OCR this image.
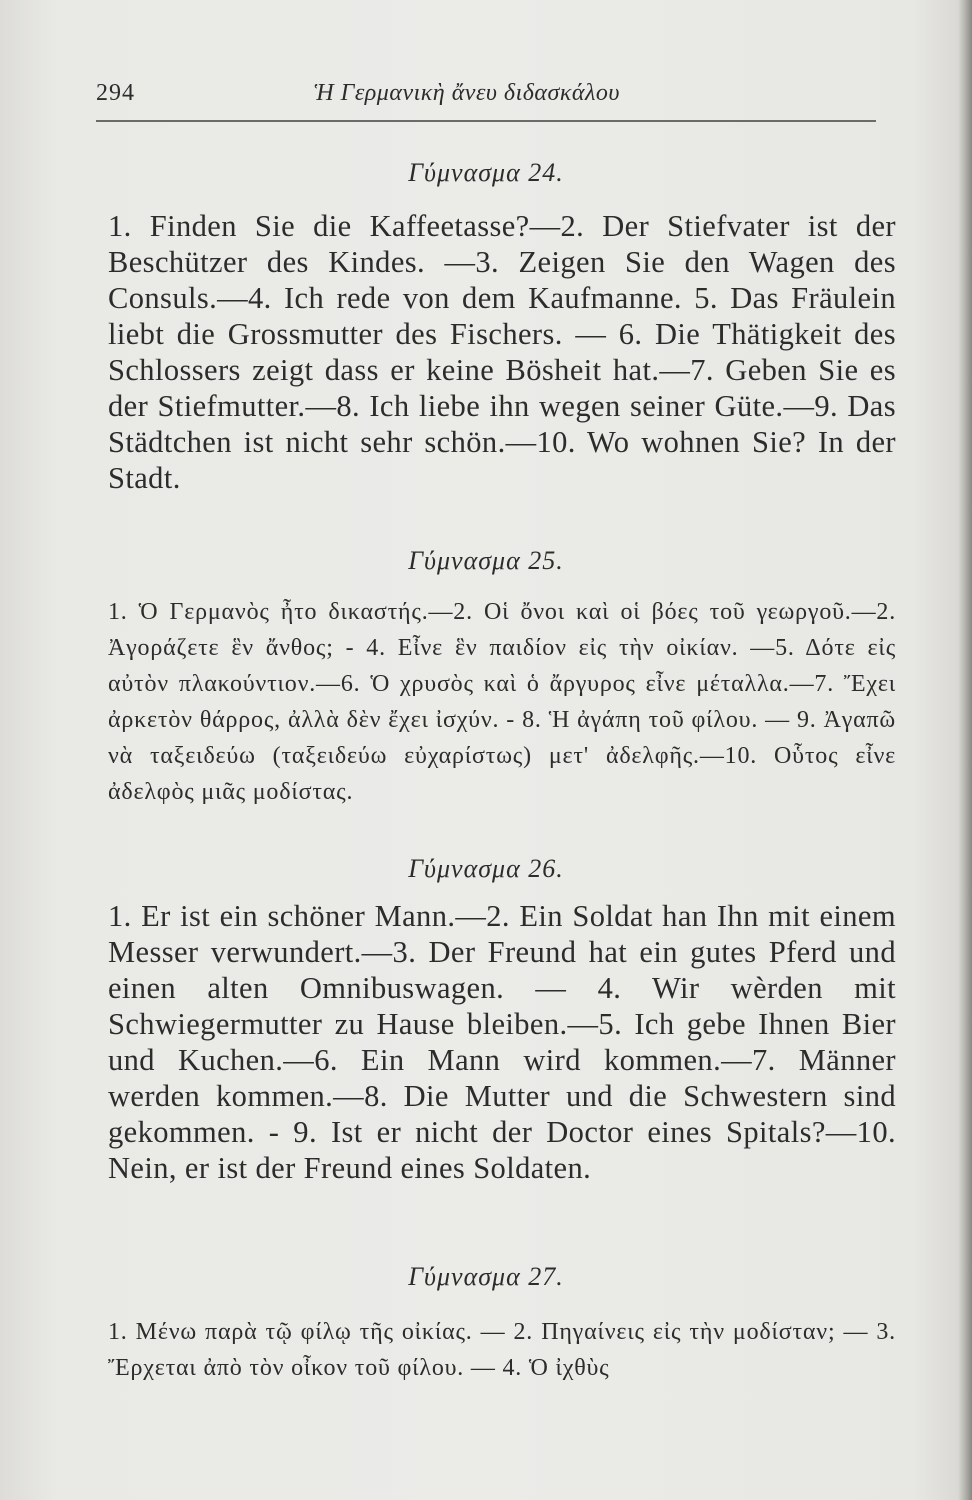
294	Ἡ Γερμανικὴ ἄνευ διδασκάλου
Γύμνασμα 24.

1. Finden Sie die Kaffeetasse?—2. Der Stiefvater ist der Beschützer des Kindes. —3. Zeigen Sie den Wagen des Consuls.—4. Ich rede von dem Kaufmanne. 5. Das Fräulein liebt die Grossmutter des Fischers. — 6. Die Thätigkeit des Schlossers zeigt dass er keine Bösheit hat.—7. Geben Sie es der Stiefmutter.—8. Ich liebe ihn wegen seiner Güte.—9. Das Städtchen ist nicht sehr schön.—10. Wo wohnen Sie? In der Stadt.

Γύμνασμα 25.

1. Ὁ Γερμανὸς ἦτο δικαστής.—2. Οἱ ὄνοι καὶ οἱ βόες τοῦ γεωργοῦ.—2. Ἀγοράζετε ἓν ἄνθος; - 4. Εἶνε ἓν παιδίον εἰς τὴν οἰκίαν. —5. Δότε εἰς αὐτὸν πλακούντιον.—6. Ὁ χρυσὸς καὶ ὁ ἄργυρος εἶνε μέταλλα.—7. Ἔχει ἀρκετὸν θάρρος, ἀλλὰ δὲν ἔχει ἰσχύν. - 8. Ἡ ἀγάπη τοῦ φίλου. — 9. Ἀγαπῶ νὰ ταξειδεύω (ταξειδεύω εὐχαρίστως) μετ' ἀδελφῆς.—10. Οὗτος εἶνε ἀδελφὸς μιᾶς μοδίστας.

Γύμνασμα 26.

1. Er ist ein schöner Mann.—2. Ein Soldat han Ihn mit einem Messer verwundert.—3. Der Freund hat ein gutes Pferd und einen alten Omnibuswagen. — 4. Wir wèrden mit Schwiegermutter zu Hause bleiben.—5. Ich gebe Ihnen Bier und Kuchen.—6. Ein Mann wird kommen.—7. Männer werden kommen.—8. Die Mutter und die Schwestern sind gekommen. - 9. Ist er nicht der Doctor eines Spitals?—10. Nein, er ist der Freund eines Soldaten.

Γύμνασμα 27.

1. Μένω παρὰ τῷ φίλῳ τῆς οἰκίας. — 2. Πηγαίνεις εἰς τὴν μοδίσταν; — 3. Ἔρχεται ἀπὸ τὸν οἶκον τοῦ φίλου. — 4. Ὁ ἰχθὺς
